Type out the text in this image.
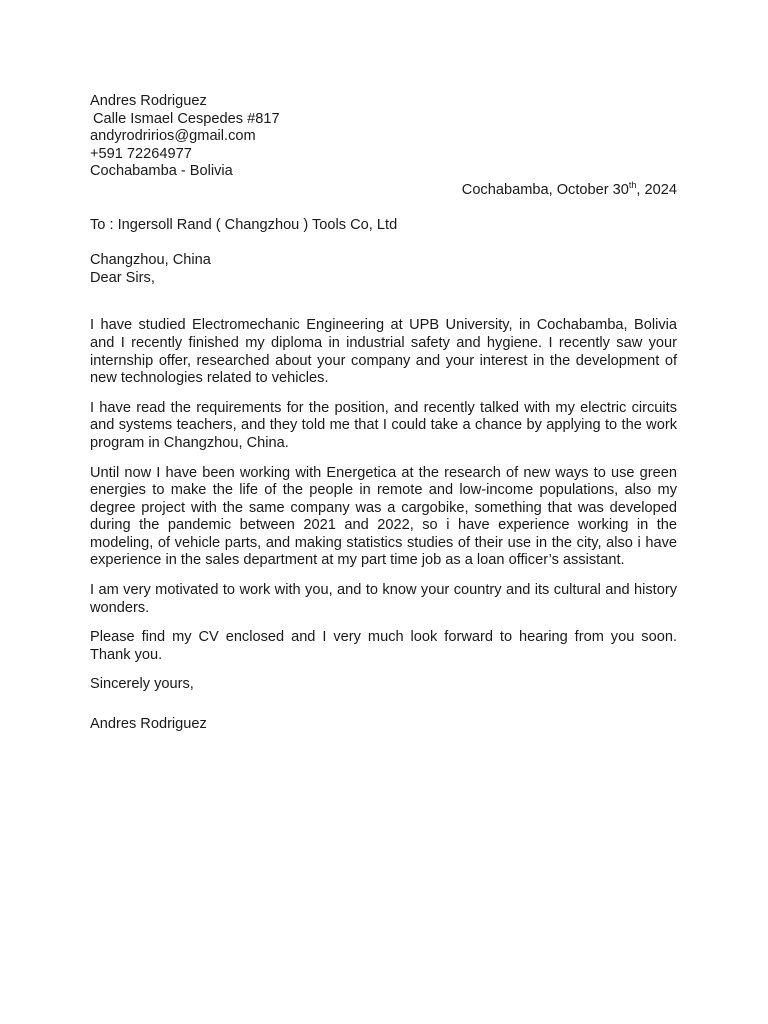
Andres Rodriguez
Calle Ismael Cespedes #817
andyrodririos@gmail.com
+591 72264977
Cochabamba - Bolivia
Cochabamba, October 30th, 2024
To : Ingersoll Rand ( Changzhou ) Tools Co, Ltd
Changzhou, China
Dear Sirs,

I have studied Electromechanic Engineering at UPB University, in Cochabamba, Bolivia and I recently finished my diploma in industrial safety and hygiene. I recently saw your internship offer, researched about your company and your interest in the development of new technologies related to vehicles.

I have read the requirements for the position, and recently talked with my electric circuits and systems teachers, and they told me that I could take a chance by applying to the work program in Changzhou, China.

Until now I have been working with Energetica at the research of new ways to use green energies to make the life of the people in remote and low-income populations, also my degree project with the same company was a cargobike, something that was developed during the pandemic between 2021 and 2022, so i have experience working in the modeling, of vehicle parts, and making statistics studies of their use in the city, also i have experience in the sales department at my part time job as a loan officer’s assistant.

I am very motivated to work with you, and to know your country and its cultural and history wonders.

Please find my CV enclosed and I very much look forward to hearing from you soon. Thank you.

Sincerely yours,
Andres Rodriguez
